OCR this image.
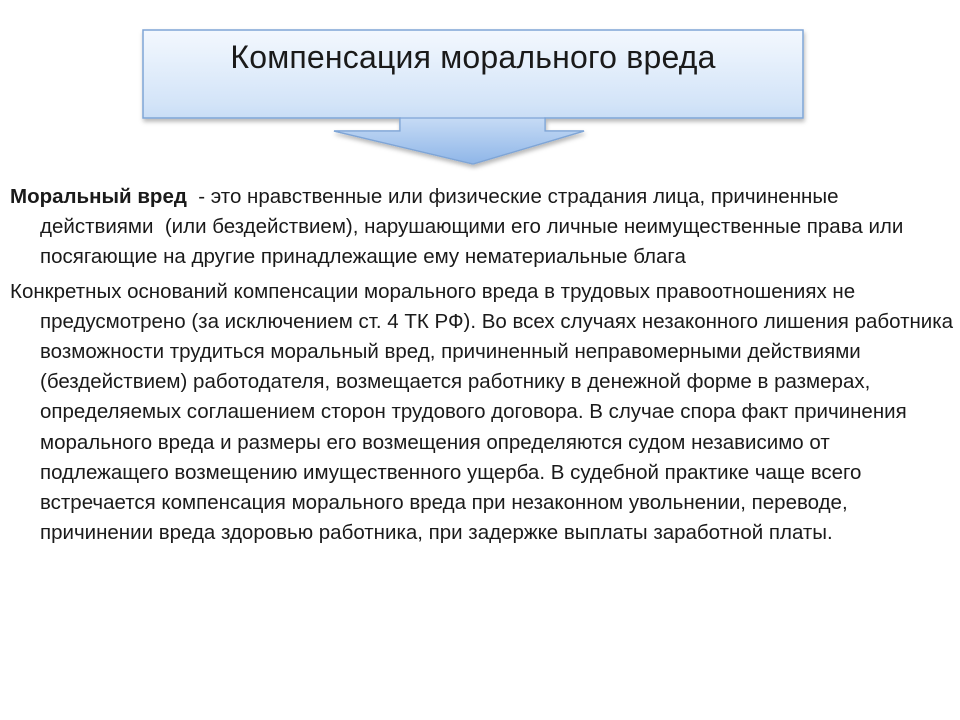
Компенсация морального вреда

Моральный вред  - это нравственные или физические страдания лица, причиненные действиями  (или бездействием), нарушающими его личные неимущественные права или посягающие на другие принадлежащие ему нематериальные блага

Конкретных оснований компенсации морального вреда в трудовых правоотношениях не предусмотрено (за исключением ст. 4 ТК РФ). Во всех случаях незаконного лишения работника возможности трудиться моральный вред, причиненный неправомерными действиями (бездействием) работодателя, возмещается работнику в денежной форме в размерах, определяемых соглашением сторон трудового договора. В случае спора факт причинения морального вреда и размеры его возмещения определяются судом независимо от подлежащего возмещению имущественного ущерба. В судебной практике чаще всего встречается компенсация морального вреда при незаконном увольнении, переводе, причинении вреда здоровью работника, при задержке выплаты заработной платы.
